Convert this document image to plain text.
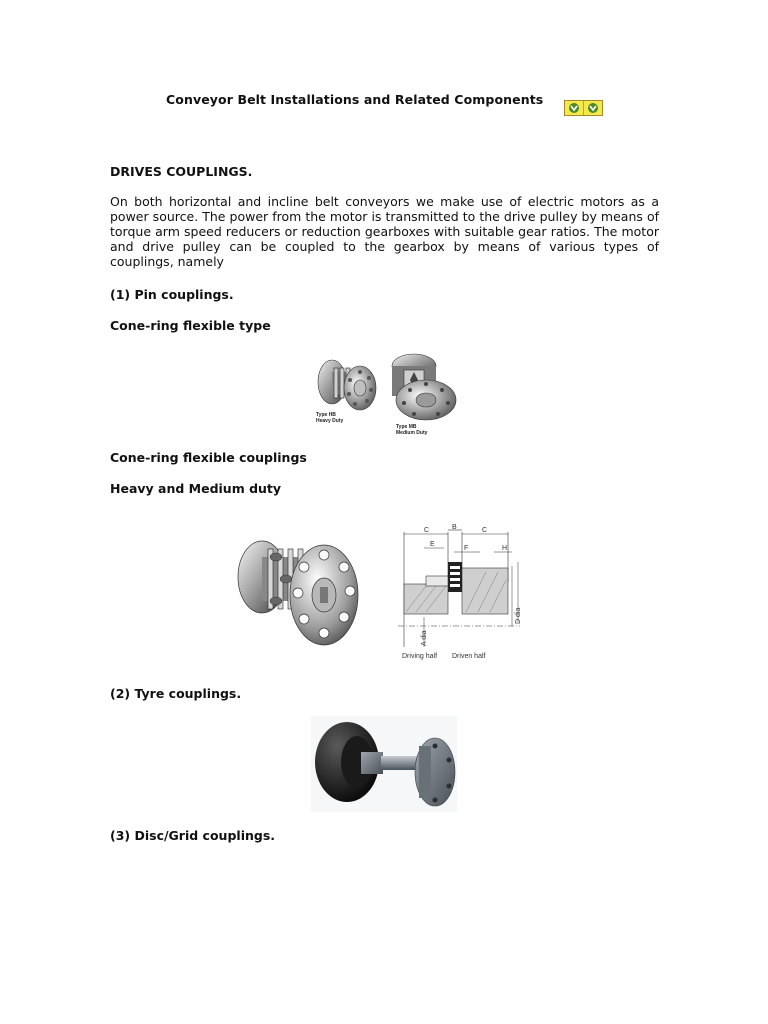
Conveyor Belt Installations and Related Components
DRIVES COUPLINGS.
On both horizontal and incline belt conveyors we make use of electric motors as a power source. The power from the motor is transmitted to the drive pulley by means of torque arm speed reducers or reduction gearboxes with suitable gear ratios. The motor and drive pulley can be coupled to the gearbox by means of various types of couplings, namely
(1) Pin couplings.
Cone-ring flexible type
Type HB
Heavy Duty
Type MB
Medium Duty
Cone-ring flexible couplings
Heavy and Medium duty
C	B	C
E
F	H
A dia
D dia
Driving half Driven half
(2) Tyre couplings.
(3) Disc/Grid couplings.
